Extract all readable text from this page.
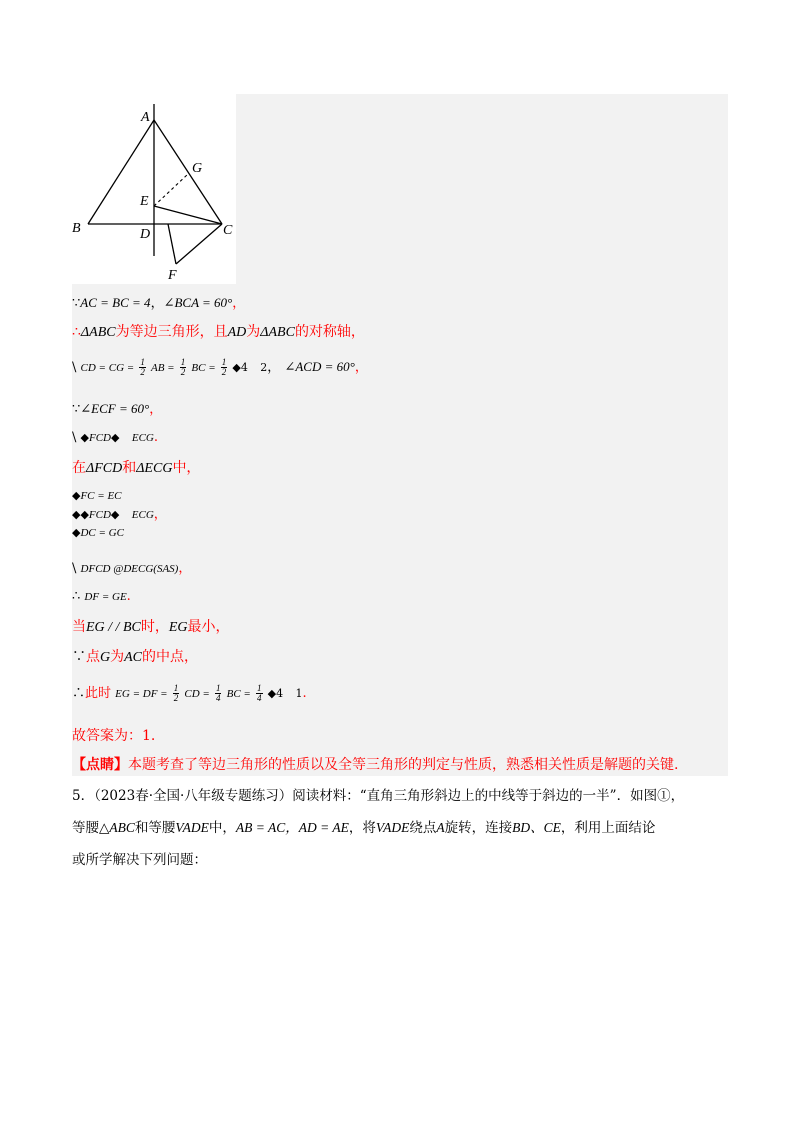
A
G
E
B	D	C
F
∵AC = BC = 4，∠BCA = 60°，
∴ΔABC为等边三角形，且AD为ΔABC的对称轴，
\ CD = CG = $\frac{1}{2}$ AB = $\frac{1}{2}$ BC = $\frac{1}{2}$ ◆4 2， ∠ACD = 60°，
∵∠ECF = 60°，
\ ◆FCD◆ ECG.
在ΔFCD和ΔECG中，
◆FC = EC
◆◆FCD◆ ECG，
◆DC = GC
\ DFCD @DECG(SAS)，
∴ DF = GE.
当EG / / BC时，EG最小，
∵点G为AC的中点，
∴此时 EG = DF = $\frac{1}{2}$ CD = $\frac{1}{4}$ BC = $\frac{1}{4}$ ◆4 1.
故答案为：1.
【点睛】本题考查了等边三角形的性质以及全等三角形的判定与性质，熟悉相关性质是解题的关键.
5．（2023春·全国·八年级专题练习）阅读材料：“直角三角形斜边上的中线等于斜边的一半”．如图①，
等腰△ABC和等腰VADE中，AB = AC，AD = AE，将VADE绕点A旋转，连接BD、CE，利用上面结论
或所学解决下列问题：
